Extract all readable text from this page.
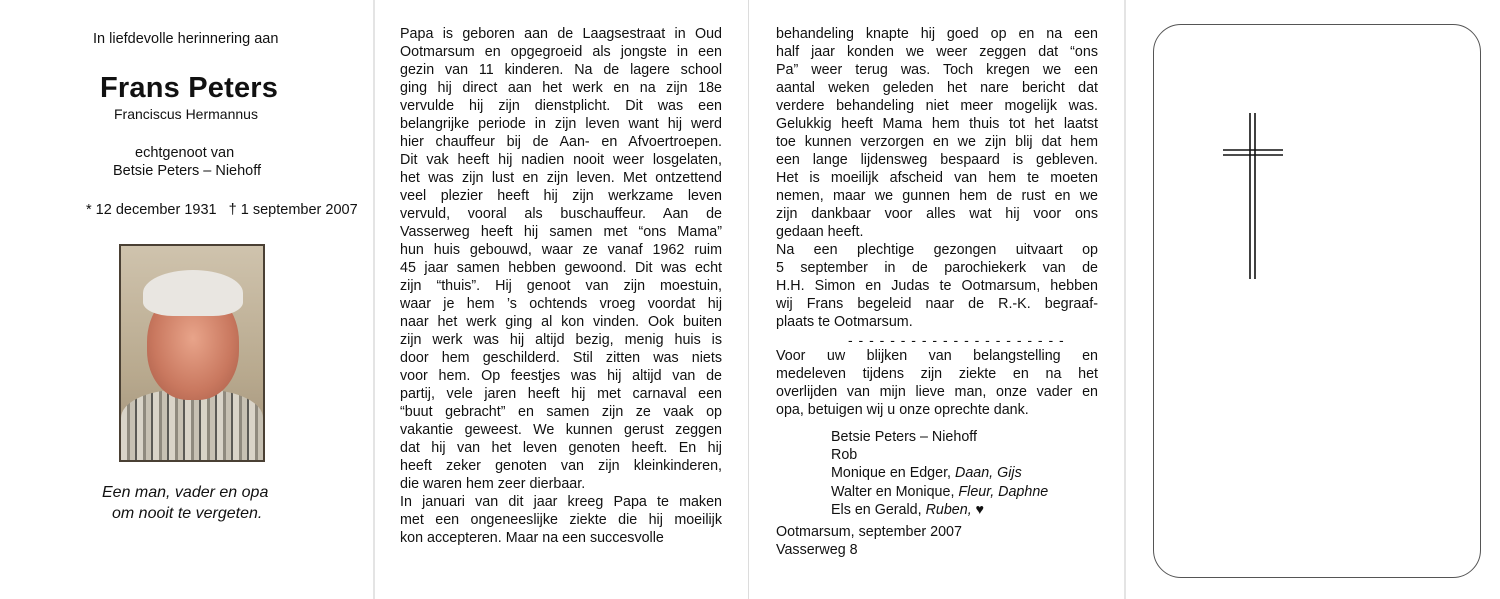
In liefdevolle herinnering aan
Frans Peters
Franciscus Hermannus
echtgenoot van
Betsie Peters – Niehoff
* 12 december 1931   † 1 september 2007
Een man, vader en opa
om nooit te vergeten.
Papa is geboren aan de Laagsestraat in Oud
Ootmarsum en opgegroeid als jongste in een
gezin van 11 kinderen. Na de lagere school
ging hij direct aan het werk en na zijn 18e
vervulde hij zijn dienstplicht. Dit was een
belangrijke periode in zijn leven want hij werd
hier chauffeur bij de Aan- en Afvoertroepen.
Dit vak heeft hij nadien nooit weer losgelaten,
het was zijn lust en zijn leven. Met ontzettend
veel plezier heeft hij zijn werkzame leven
vervuld, vooral als buschauffeur. Aan de
Vasserweg heeft hij samen met “ons Mama”
hun huis gebouwd, waar ze vanaf 1962 ruim
45 jaar samen hebben gewoond. Dit was echt
zijn “thuis”. Hij genoot van zijn moestuin,
waar je hem ’s ochtends vroeg voordat hij
naar het werk ging al kon vinden. Ook buiten
zijn werk was hij altijd bezig, menig huis is
door hem geschilderd. Stil zitten was niets
voor hem. Op feestjes was hij altijd van de
partij, vele jaren heeft hij met carnaval een
“buut gebracht” en samen zijn ze vaak op
vakantie geweest. We kunnen gerust zeggen
dat hij van het leven genoten heeft. En hij
heeft zeker genoten van zijn kleinkinderen,
die waren hem zeer dierbaar.
In januari van dit jaar kreeg Papa te maken
met een ongeneeslijke ziekte die hij moeilijk
kon accepteren. Maar na een succesvolle
behandeling knapte hij goed op en na een
half jaar konden we weer zeggen dat “ons
Pa” weer terug was. Toch kregen we een
aantal weken geleden het nare bericht dat
verdere behandeling niet meer mogelijk was.
Gelukkig heeft Mama hem thuis tot het laatst
toe kunnen verzorgen en we zijn blij dat hem
een lange lijdensweg bespaard is gebleven.
Het is moeilijk afscheid van hem te moeten
nemen, maar we gunnen hem de rust en we
zijn dankbaar voor alles wat hij voor ons
gedaan heeft.
Na een plechtige gezongen uitvaart op
5 september in de parochiekerk van de
H.H. Simon en Judas te Ootmarsum, hebben
wij Frans begeleid naar de R.-K. begraaf-
plaats te Ootmarsum.
- - - - - - - - - - - - - - - - - - - - -
Voor uw blijken van belangstelling en
medeleven tijdens zijn ziekte en na het
overlijden van mijn lieve man, onze vader en
opa, betuigen wij u onze oprechte dank.
Betsie Peters – Niehoff
Rob
Monique en Edger, Daan, Gijs
Walter en Monique, Fleur, Daphne
Els en Gerald, Ruben, ♥
Ootmarsum, september 2007
Vasserweg 8
